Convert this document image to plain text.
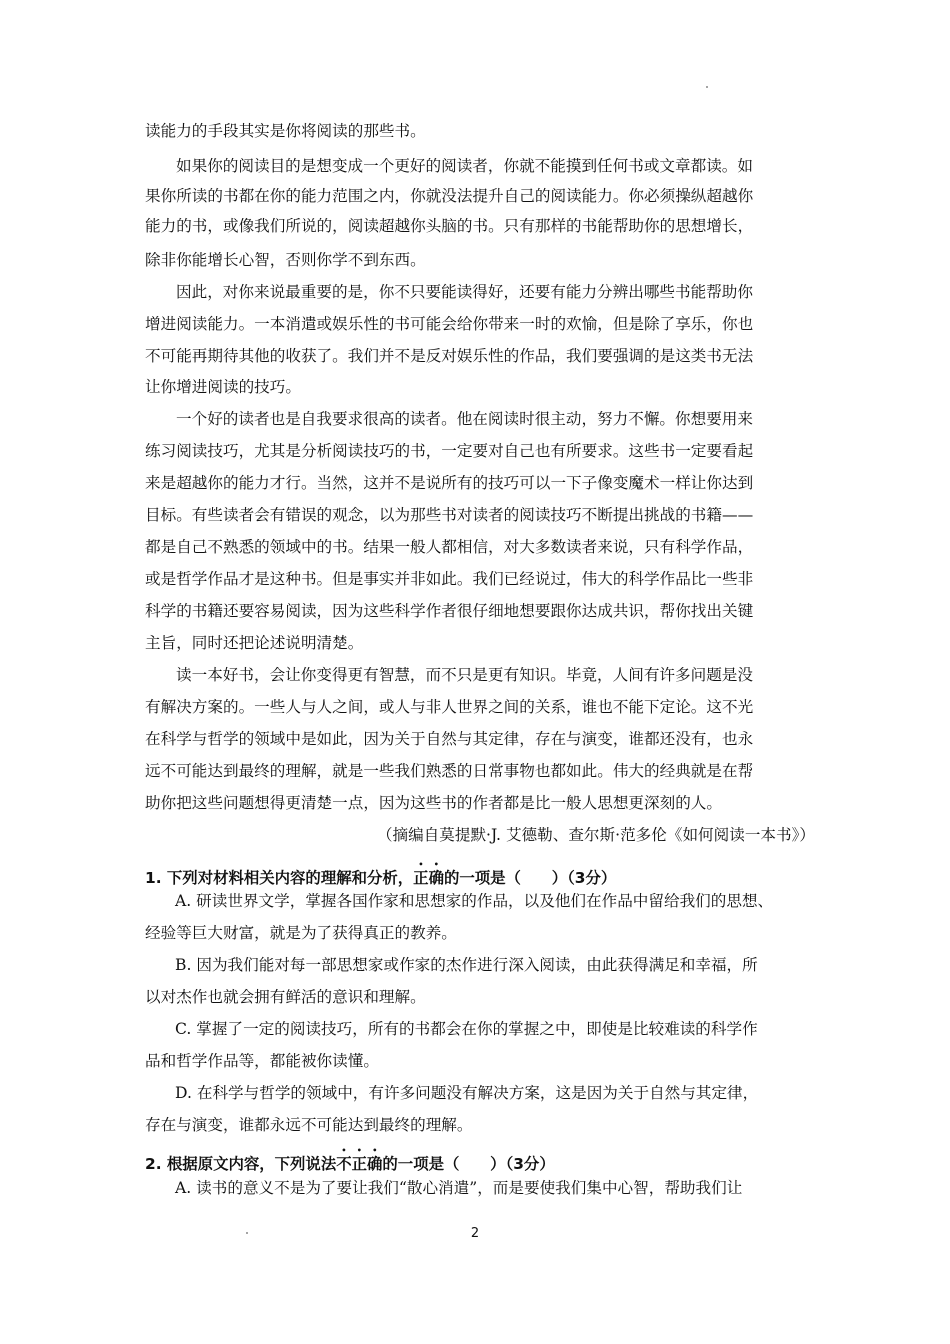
读能力的手段其实是你将阅读的那些书。
如果你的阅读目的是想变成一个更好的阅读者，你就不能摸到任何书或文章都读。如
果你所读的书都在你的能力范围之内，你就没法提升自己的阅读能力。你必须操纵超越你
能力的书，或像我们所说的，阅读超越你头脑的书。只有那样的书能帮助你的思想增长，
除非你能增长心智，否则你学不到东西。
因此，对你来说最重要的是，你不只要能读得好，还要有能力分辨出哪些书能帮助你
增进阅读能力。一本消遣或娱乐性的书可能会给你带来一时的欢愉，但是除了享乐，你也
不可能再期待其他的收获了。我们并不是反对娱乐性的作品，我们要强调的是这类书无法
让你增进阅读的技巧。
一个好的读者也是自我要求很高的读者。他在阅读时很主动，努力不懈。你想要用来
练习阅读技巧，尤其是分析阅读技巧的书，一定要对自己也有所要求。这些书一定要看起
来是超越你的能力才行。当然，这并不是说所有的技巧可以一下子像变魔术一样让你达到
目标。有些读者会有错误的观念，以为那些书对读者的阅读技巧不断提出挑战的书籍——
都是自己不熟悉的领域中的书。结果一般人都相信，对大多数读者来说，只有科学作品，
或是哲学作品才是这种书。但是事实并非如此。我们已经说过，伟大的科学作品比一些非
科学的书籍还要容易阅读，因为这些科学作者很仔细地想要跟你达成共识，帮你找出关键
主旨，同时还把论述说明清楚。
读一本好书，会让你变得更有智慧，而不只是更有知识。毕竟，人间有许多问题是没
有解决方案的。一些人与人之间，或人与非人世界之间的关系，谁也不能下定论。这不光
在科学与哲学的领域中是如此，因为关于自然与其定律，存在与演变，谁都还没有，也永
远不可能达到最终的理解，就是一些我们熟悉的日常事物也都如此。伟大的经典就是在帮
助你把这些问题想得更清楚一点，因为这些书的作者都是比一般人思想更深刻的人。
（摘编自莫提默·J. 艾德勒、查尔斯·范多伦《如何阅读一本书》）
1. 下列对材料相关内容的理解和分析，正确的一项是（　　）（3分）
A. 研读世界文学，掌握各国作家和思想家的作品，以及他们在作品中留给我们的思想、
经验等巨大财富，就是为了获得真正的教养。
B. 因为我们能对每一部思想家或作家的杰作进行深入阅读，由此获得满足和幸福，所
以对杰作也就会拥有鲜活的意识和理解。
C. 掌握了一定的阅读技巧，所有的书都会在你的掌握之中，即使是比较难读的科学作
品和哲学作品等，都能被你读懂。
D. 在科学与哲学的领域中，有许多问题没有解决方案，这是因为关于自然与其定律，
存在与演变，谁都永远不可能达到最终的理解。
2. 根据原文内容，下列说法不正确的一项是（　　）（3分）
A. 读书的意义不是为了要让我们“散心消遣”，而是要使我们集中心智，帮助我们让
2
